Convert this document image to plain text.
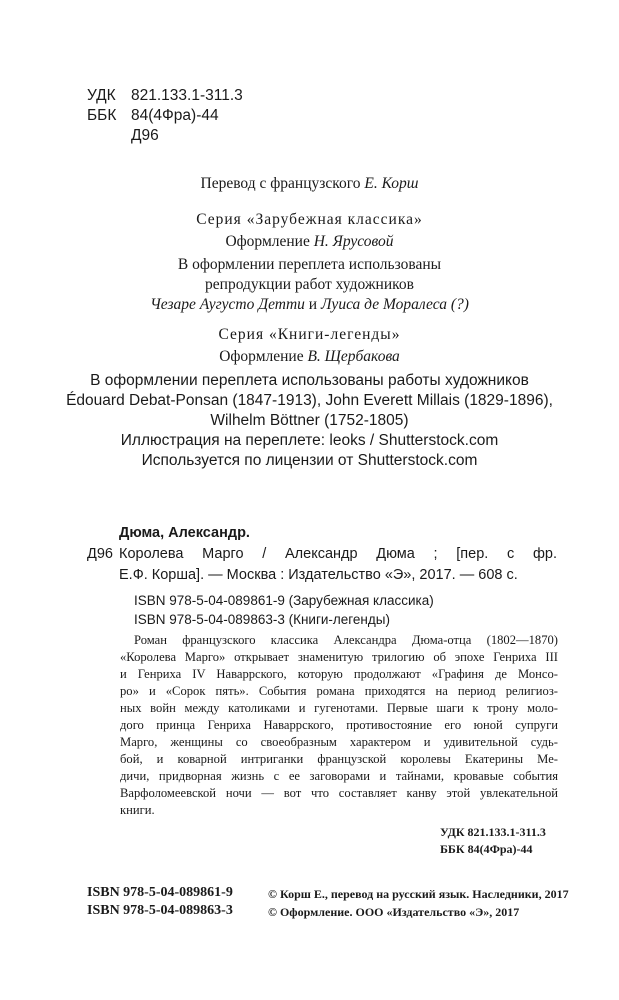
УДК 821.133.1-311.3
ББК 84(4Фра)-44
Д96
Перевод с французского Е. Корш
Серия «Зарубежная классика»
Оформление Н. Ярусовой
В оформлении переплета использованы
репродукции работ художников
Чезаре Аугусто Детти и Луиса де Моралеса (?)
Серия «Книги-легенды»
Оформление В. Щербакова
В оформлении переплета использованы работы художников
Édouard Debat-Ponsan (1847-1913), John Everett Millais (1829-1896),
Wilhelm Böttner (1752-1805)
Иллюстрация на переплете: leoks / Shutterstock.com
Используется по лицензии от Shutterstock.com
Дюма, Александр.
Д96 Королева Марго / Александр Дюма ; [пер. с фр.
Е.Ф. Корша]. — Москва : Издательство «Э», 2017. — 608 с.
ISBN 978-5-04-089861-9 (Зарубежная классика)
ISBN 978-5-04-089863-3 (Книги-легенды)
Роман французского классика Александра Дюма-отца (1802—1870)
«Королева Марго» открывает знаменитую трилогию об эпохе Генриха III
и Генриха IV Наваррского, которую продолжают «Графиня де Монсо-
ро» и «Сорок пять». События романа приходятся на период религиоз-
ных войн между католиками и гугенотами. Первые шаги к трону моло-
дого принца Генриха Наваррского, противостояние его юной супруги
Марго, женщины со своеобразным характером и удивительной судь-
бой, и коварной интриганки французской королевы Екатерины Ме-
дичи, придворная жизнь с ее заговорами и тайнами, кровавые события
Варфоломеевской ночи — вот что составляет канву этой увлекательной
книги.
УДК 821.133.1-311.3
ББК 84(4Фра)-44
ISBN 978-5-04-089861-9
ISBN 978-5-04-089863-3
© Корш Е., перевод на русский язык. Наследники, 2017
© Оформление. ООО «Издательство «Э», 2017
